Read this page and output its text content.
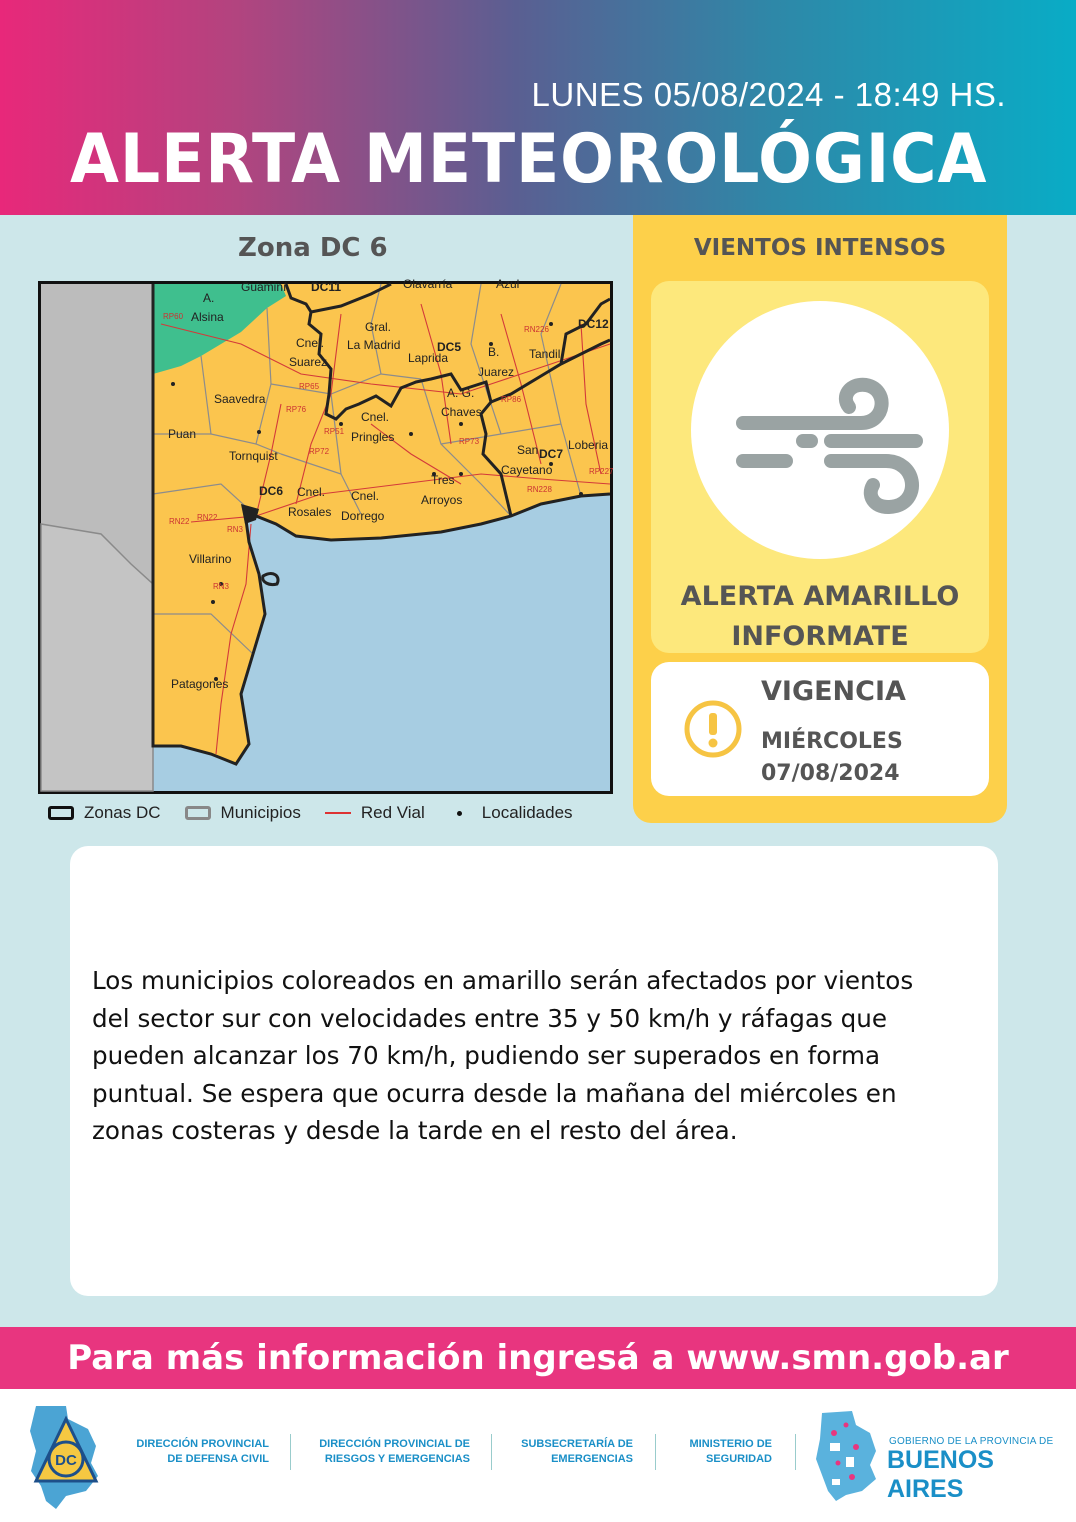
LUNES 05/08/2024 - 18:49 HS.
ALERTA METEOROLÓGICA
Zona DC 6
A.
Alsina
Guaminí DC11	Olavarría	Azul
DC12
Gral.
La Madrid	DC5
Laprida	B.
Juarez
Tandil
Cnel.
Suarez
Saavedra	A. G.
Chaves
Cnel.
Pringles
Puan
Tornquist	San
Cayetano
DC7
Loberia
Tres
Arroyos
DC6 Cnel.
Rosales
Cnel.
Dorrego
Villarino
Patagones
RP60
RP65
RP76
RP51
RP72
RP73
RP86
RN226
RN228
RP227
RN22 RN22
RN3
RN3
Zonas DC	Municipios	Red Vial	Localidades
VIENTOS INTENSOS
ALERTA AMARILLO
INFORMATE
VIGENCIA
MIÉRCOLES
07/08/2024

Los municipios coloreados en amarillo serán afectados por vientos del sector sur con velocidades entre 35 y 50 km/h y ráfagas que pueden alcanzar los 70 km/h, pudiendo ser superados en forma puntual. Se espera que ocurra desde la mañana del miércoles en zonas costeras y desde la tarde en el resto del área.

Para más información ingresá a www.smn.gob.ar
DC
DIRECCIÓN PROVINCIAL
DE DEFENSA CIVIL
DIRECCIÓN PROVINCIAL DE
RIESGOS Y EMERGENCIAS
SUBSECRETARÍA DE
EMERGENCIAS
MINISTERIO DE
SEGURIDAD
GOBIERNO DE LA PROVINCIA DE
BUENOS AIRES
